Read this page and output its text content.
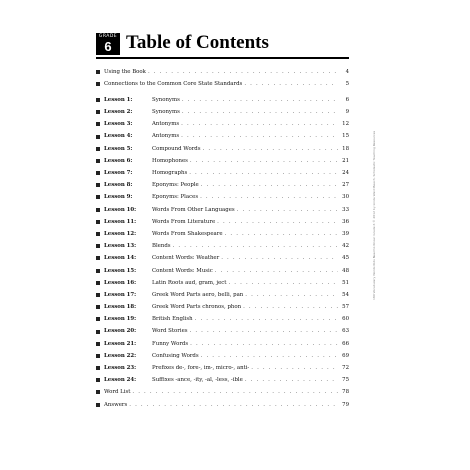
GRADE
6 Table of Contents
Using the Book . . .	4
Connections to the Common Core State Standards . . .	5
Lesson 1:	Synonyms . . .	6
Lesson 2:	Synonyms . . .	9
Lesson 3:	Antonyms . . .	12
Lesson 4:	Antonyms . . .	15
Lesson 5:	Compound Words . . .	18
Lesson 6:	Homophones . . .	21
Lesson 7:	Homographs . . .	24
Lesson 8:	Eponyms: People . . .	27
Lesson 9:	Eponyms: Places . . .	30
Lesson 10:	Words From Other Languages . . .	33
Lesson 11:	Words From Literature . . .	36
Lesson 12:	Words From Shakespeare . . .	39
Lesson 13:	Blends . . .	42
Lesson 14:	Content Words: Weather . . .	45
Lesson 15:	Content Words: Music . . .	48
Lesson 16:	Latin Roots aud, gram, ject . . .	51
Lesson 17:	Greek Word Parts aero, belli, pan . . .	54
Lesson 18:	Greek Word Parts chronos, phon . . .	57
Lesson 19:	British English . . .	60
Lesson 20:	Word Stories . . .	63
Lesson 21:	Funny Words . . .	66
Lesson 22:	Confusing Words . . .	69
Lesson 23:	Prefixes de-, fore-, im-, micro-, anti- . . .	72
Lesson 24:	Suffixes -ance, -ity, -al, -less, -ible . . .	75
Word List . . .	78
Answers . . .	79
180 Vocabulary Words Kids Need to Know: Grade 6 © 2012 by Linda Ward Beech, Scholastic Teaching Resources
